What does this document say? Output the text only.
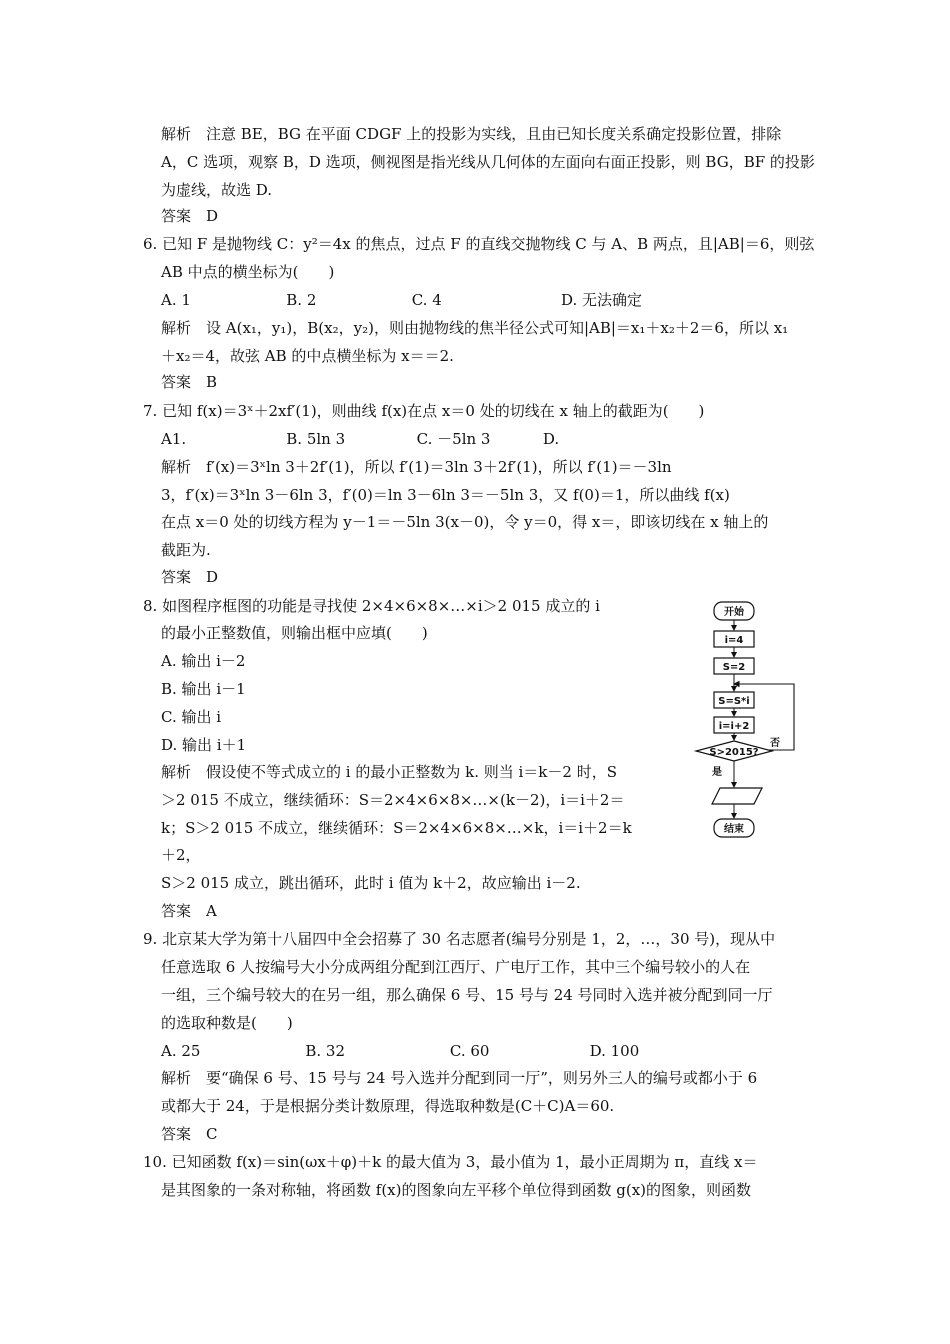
解析　注意 BE，BG 在平面 CDGF 上的投影为实线，且由已知长度关系确定投影位置，排除
A，C 选项，观察 B，D 选项，侧视图是指光线从几何体的左面向右面正投影，则 BG，BF 的投影
为虚线，故选 D.
答案　D
6. 已知 F 是抛物线 C：y²＝4x 的焦点，过点 F 的直线交抛物线 C 与 A、B 两点，且|AB|＝6，则弦
AB 中点的横坐标为(　　)
A. 1                    B. 2                    C. 4                         D. 无法确定
解析　设 A(x₁，y₁)，B(x₂，y₂)，则由抛物线的焦半径公式可知|AB|＝x₁＋x₂＋2＝6，所以 x₁
＋x₂＝4，故弦 AB 的中点横坐标为 x＝＝2.
答案　B
7. 已知 f(x)＝3ˣ＋2xf′(1)，则曲线 f(x)在点 x＝0 处的切线在 x 轴上的截距为(　　)
A1.                     B. 5ln 3               C. －5ln 3           D.
解析　f′(x)＝3ˣln 3＋2f′(1)，所以 f′(1)＝3ln 3＋2f′(1)，所以 f′(1)＝－3ln
3，f′(x)＝3ˣln 3－6ln 3，f′(0)＝ln 3－6ln 3＝－5ln 3，又 f(0)＝1，所以曲线 f(x)
在点 x＝0 处的切线方程为 y－1＝－5ln 3(x－0)，令 y＝0，得 x＝，即该切线在 x 轴上的
截距为.
答案　D
8. 如图程序框图的功能是寻找使 2×4×6×8×…×i＞2 015 成立的 i
的最小正整数值，则输出框中应填(　　)
A. 输出 i－2
B. 输出 i－1
C. 输出 i
D. 输出 i＋1
解析　假设使不等式成立的 i 的最小正整数为 k. 则当 i＝k－2 时，S
＞2 015 不成立，继续循环：S＝2×4×6×8×…×(k－2)，i＝i＋2＝
k；S＞2 015 不成立，继续循环：S＝2×4×6×8×…×k，i＝i＋2＝k
＋2，
S＞2 015 成立，跳出循环，此时 i 值为 k＋2，故应输出 i－2.
答案　A
9. 北京某大学为第十八届四中全会招募了 30 名志愿者(编号分别是 1，2，…，30 号)，现从中
任意选取 6 人按编号大小分成两组分配到江西厅、广电厅工作，其中三个编号较小的人在
一组，三个编号较大的在另一组，那么确保 6 号、15 号与 24 号同时入选并被分配到同一厅
的选取种数是(　　)
A. 25                      B. 32                      C. 60                     D. 100
解析　要“确保 6 号、15 号与 24 号入选并分配到同一厅”，则另外三人的编号或都小于 6
或都大于 24，于是根据分类计数原理，得选取种数是(C＋C)A＝60.
答案　C
10. 已知函数 f(x)＝sin(ωx＋φ)＋k 的最大值为 3，最小值为 1，最小正周期为 π，直线 x＝
是其图象的一条对称轴，将函数 f(x)的图象向左平移个单位得到函数 g(x)的图象，则函数
开始
i=4
S=2
S=S*i
i=i+2
S>2015?
否
是
结束
